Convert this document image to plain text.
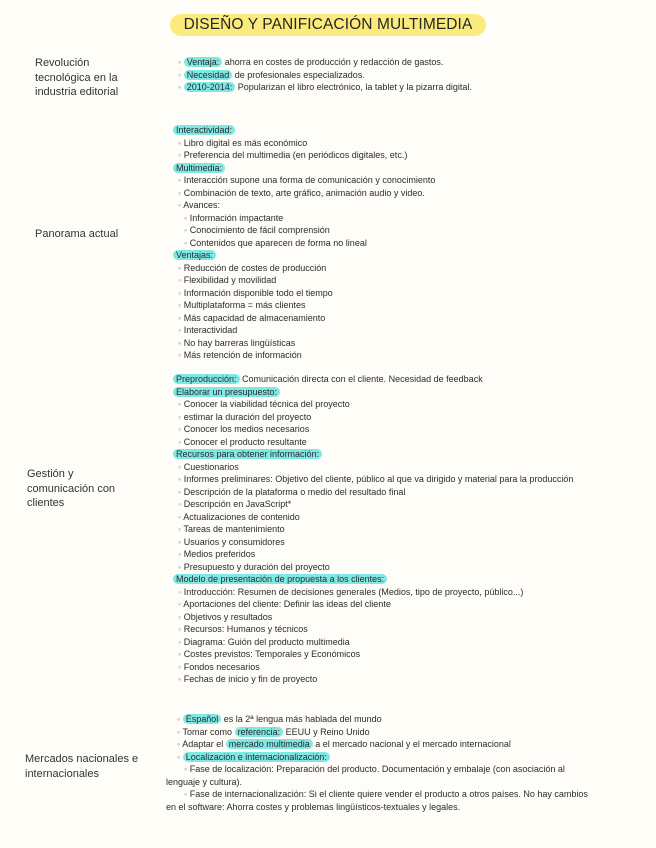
DISEÑO Y PANIFICACIÓN MULTIMEDIA
Revolución tecnológica en la industria editorial
◦ Ventaja: ahorra en costes de producción y redacción de gastos.
◦ Necesidad de profesionales especializados.
◦ 2010-2014: Popularizan el libro electrónico, la tablet y la pizarra digital.
Panorama actual
Interactividad:
◦ Libro digital es más económico
◦ Preferencia del multimedia (en periódicos digitales, etc.)
Multimedia:
◦ Interacción supone una forma de comunicación y conocimiento
◦ Combinación de texto, arte gráfico, animación audio y video.
◦ Avances:
◦ Información impactante
◦ Conocimiento de fácil comprensión
◦ Contenidos que aparecen de forma no lineal
Ventajas:
◦ Reducción de costes de producción
◦ Flexibilidad y movilidad
◦ Información disponible todo el tiempo
◦ Multiplataforma = más clientes
◦ Más capacidad de almacenamiento
◦ Interactividad
◦ No hay barreras lingüísticas
◦ Más retención de información
Gestión y comunicación con clientes
Preproducción: Comunicación directa con el cliente. Necesidad de feedback
Elaborar un presupuesto:
◦ Conocer la viabilidad técnica del proyecto
◦ estimar la duración del proyecto
◦ Conocer los medios necesarios
◦ Conocer el producto resultante
Recursos para obtener información:
◦ Cuestionarios
◦ Informes preliminares: Objetivo del cliente, público al que va dirigido y material para la producción
◦ Descripción de la plataforma o medio del resultado final
◦ Descripción en JavaScript*
◦ Actualizaciones de contenido
◦ Tareas de mantenimiento
◦ Usuarios y consumidores
◦ Medios preferidos
◦ Presupuesto y duración del proyecto
Modelo de presentación de propuesta a los clientes:
◦ Introducción: Resumen de decisiones generales (Medios, tipo de proyecto, público...)
◦ Aportaciones del cliente: Definir las ideas del cliente
◦ Objetivos y resultados
◦ Recursos: Humanos y técnicos
◦ Diagrama: Guión del producto multimedia
◦ Costes previstos: Temporales y Económicos
◦ Fondos necesarios
◦ Fechas de inicio y fin de proyecto
Mercados nacionales e internacionales
◦ Español es la 2ª lengua más hablada del mundo
◦ Tomar como referencia: EEUU y Reino Unido
◦ Adaptar el mercado multimedia a el mercado nacional y el mercado internacional
◦ Localización e internacionalización:
◦ Fase de localización: Preparación del producto. Documentación y embalaje (con asociación al lenguaje y cultura).
◦ Fase de internacionalización: Si el cliente quiere vender el producto a otros países. No hay cambios en el software: Ahorra costes y problemas lingüísticos-textuales y legales.
